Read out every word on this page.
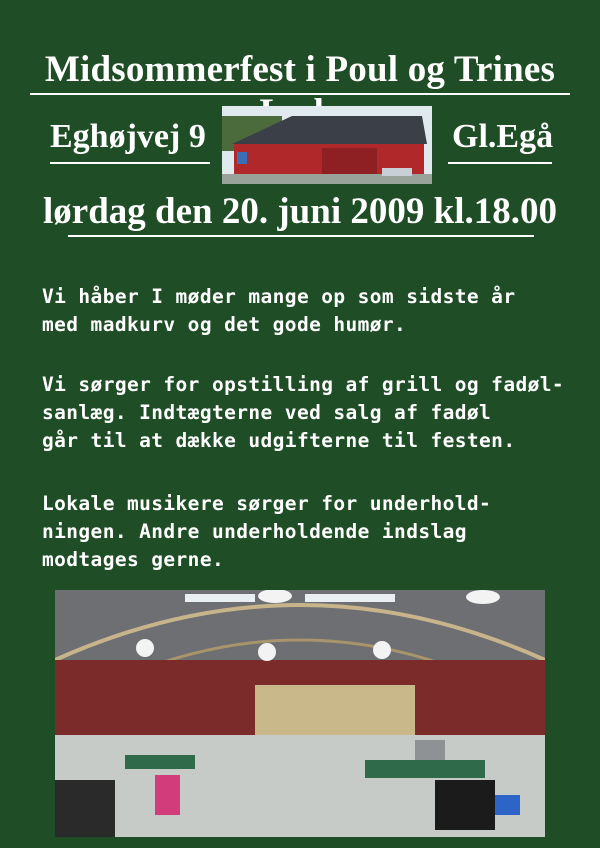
Midsommerfest i Poul og Trines
Eghøjvej 9	Gl.Egå
lørdag den 20. juni 2009 kl.18.00
Vi håber I møder mange op som sidste år
med madkurv og det gode humør.
Vi sørger for opstilling af grill og fadøl-
sanlæg. Indtægterne ved salg af fadøl
går til at dække udgifterne til festen.
Lokale musikere sørger for underhold-
ningen. Andre underholdende indslag
modtages gerne.
